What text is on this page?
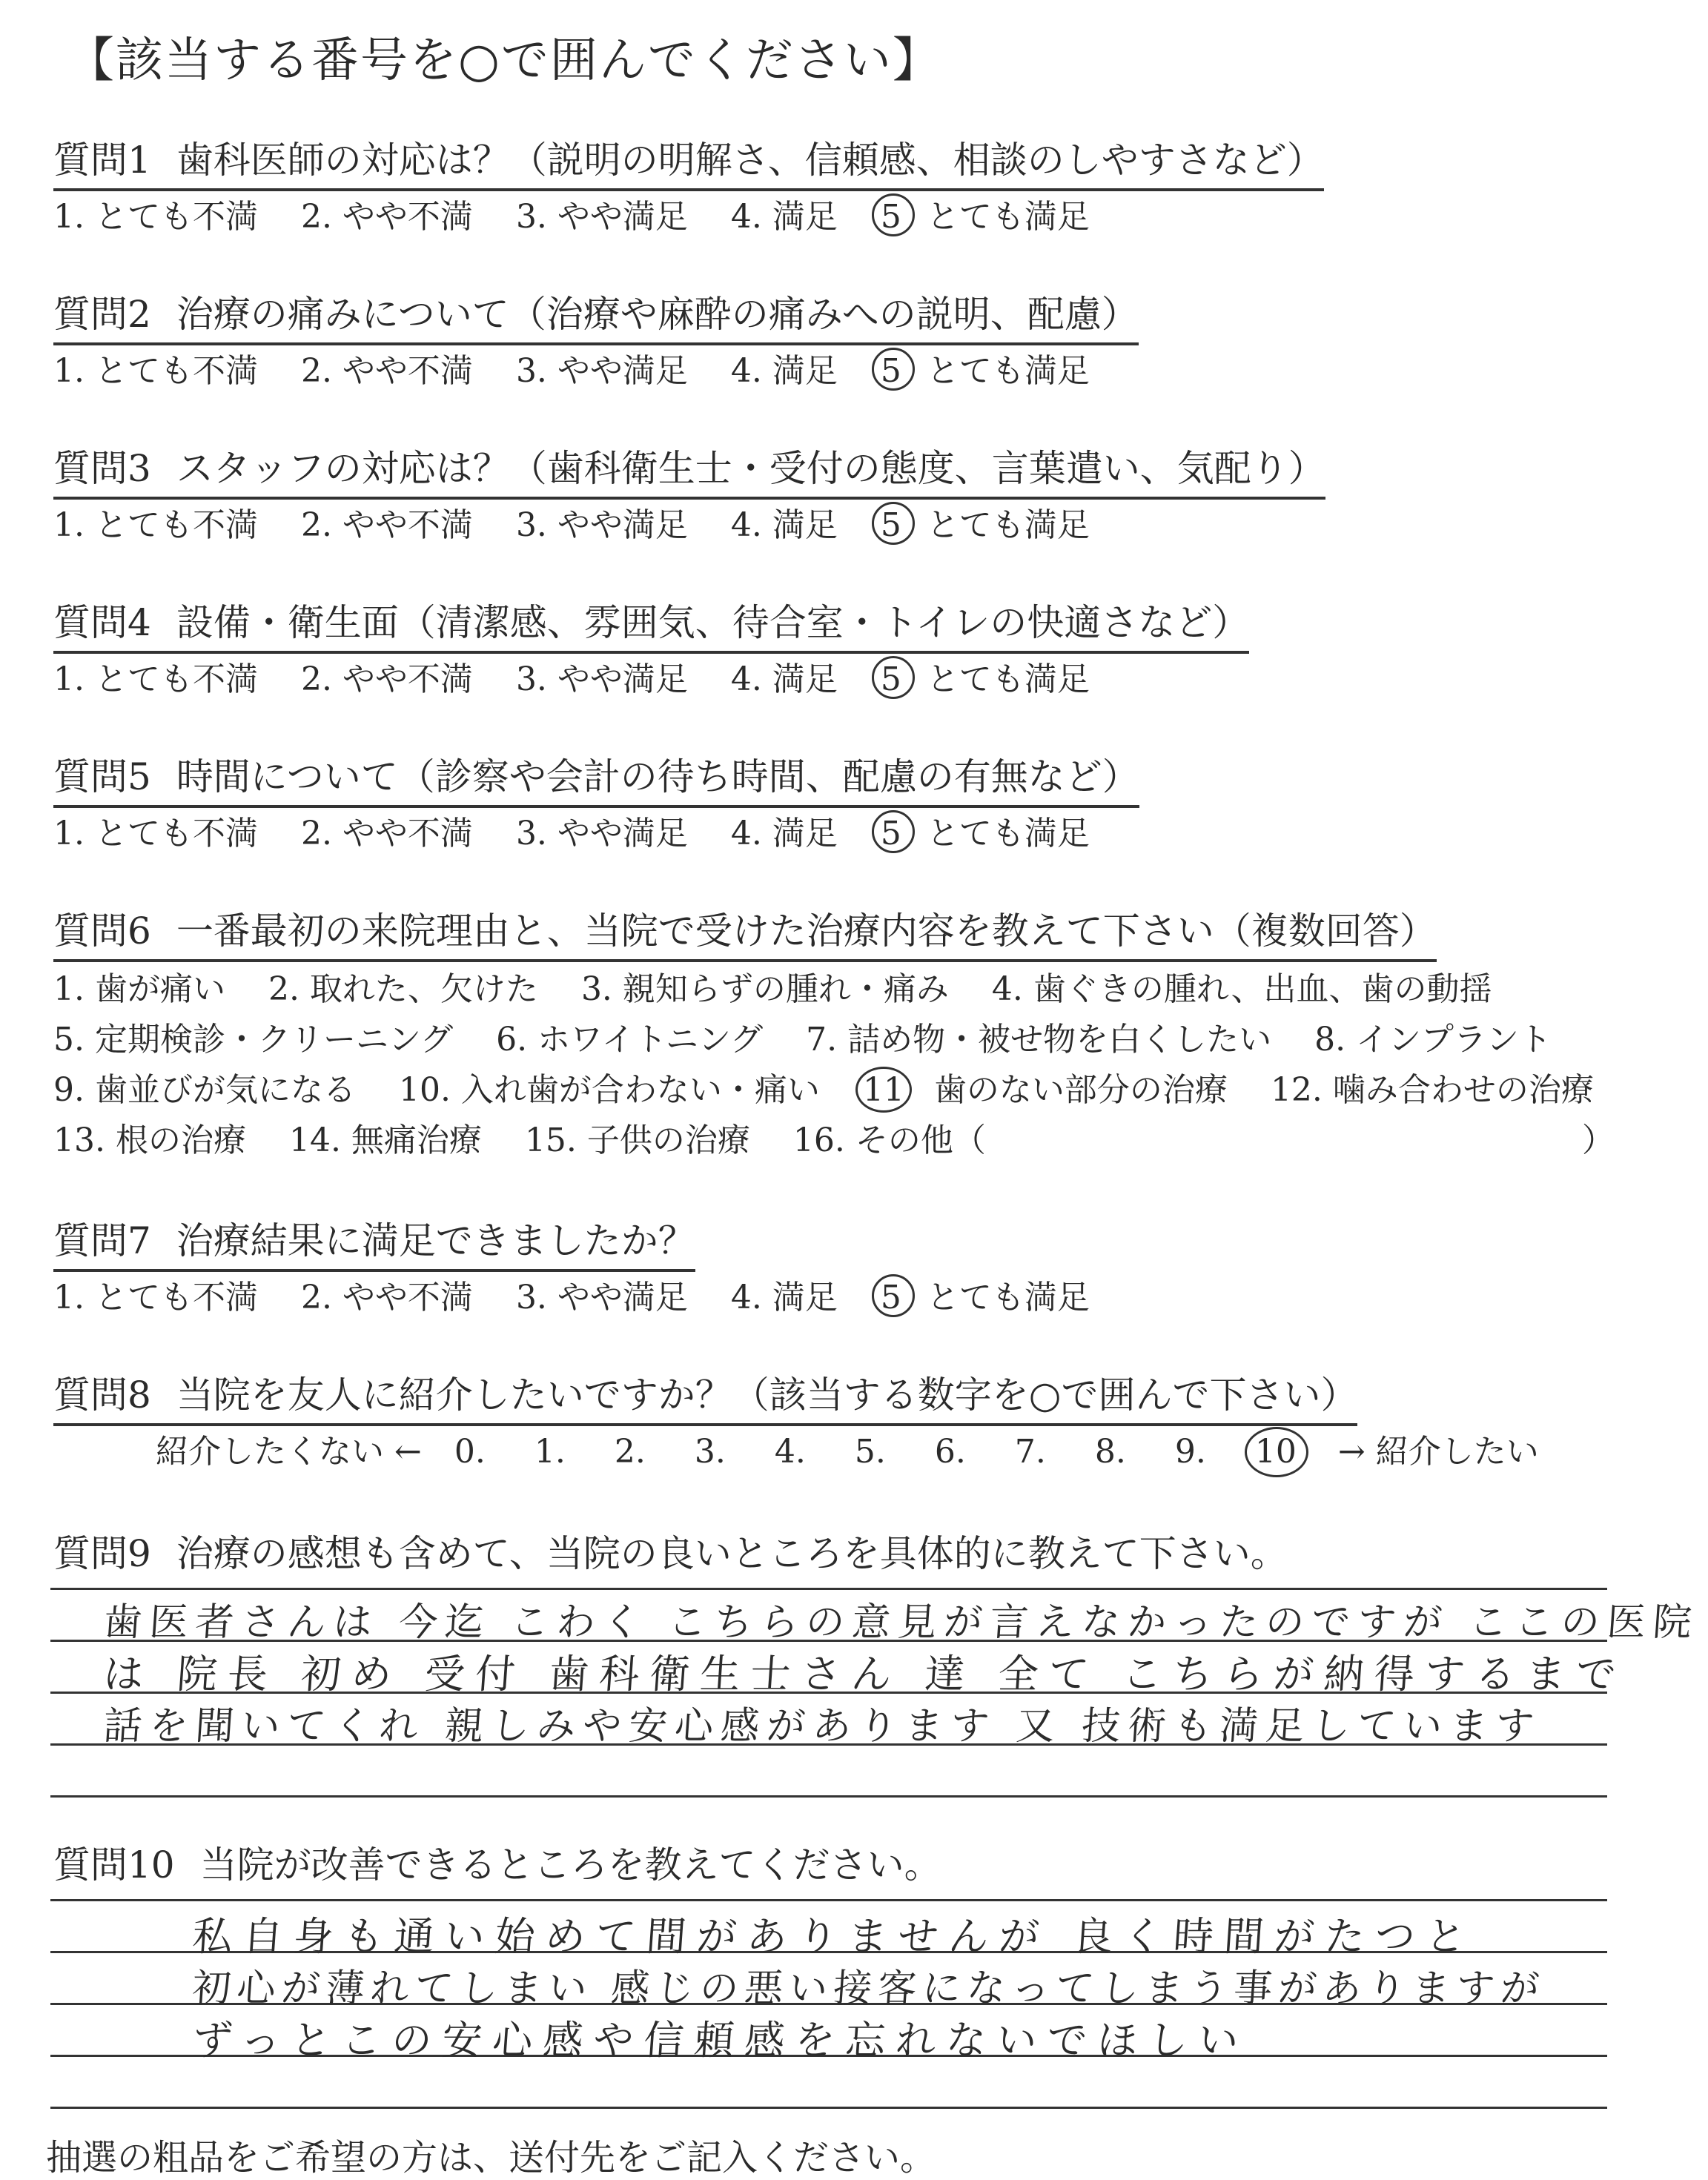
【該当する番号を○で囲んでください】
質問1 歯科医師の対応は？（説明の明解さ、信頼感、相談のしやすさなど）
1. とても不満 2. やや不満 3. やや満足 4. 満足 5 とても満足
質問2 治療の痛みについて（治療や麻酔の痛みへの説明、配慮）
1. とても不満 2. やや不満 3. やや満足 4. 満足 5 とても満足
質問3 スタッフの対応は？（歯科衛生士・受付の態度、言葉遣い、気配り）
1. とても不満 2. やや不満 3. やや満足 4. 満足 5 とても満足
質問4 設備・衛生面（清潔感、雰囲気、待合室・トイレの快適さなど）
1. とても不満 2. やや不満 3. やや満足 4. 満足 5 とても満足
質問5 時間について（診察や会計の待ち時間、配慮の有無など）
1. とても不満 2. やや不満 3. やや満足 4. 満足 5 とても満足
質問6 一番最初の来院理由と、当院で受けた治療内容を教えて下さい（複数回答）
1. 歯が痛い 2. 取れた、欠けた 3. 親知らずの腫れ・痛み 4. 歯ぐきの腫れ、出血、歯の動揺
5. 定期検診・クリーニング 6. ホワイトニング 7. 詰め物・被せ物を白くしたい 8. インプラント
9. 歯並びが気になる 10. 入れ歯が合わない・痛い 11 歯のない部分の治療 12. 噛み合わせの治療
13. 根の治療 14. 無痛治療 15. 子供の治療 16. その他（	）
質問7 治療結果に満足できましたか？
1. とても不満 2. やや不満 3. やや満足 4. 満足 5 とても満足
質問8 当院を友人に紹介したいですか？（該当する数字を○で囲んで下さい）
紹介したくない ← 0. 1. 2. 3. 4. 5. 6. 7. 8. 9. 10 → 紹介したい
質問9 治療の感想も含めて、当院の良いところを具体的に教えて下さい。
歯医者さんは 今迄 こわく こちらの意見が言えなかったのですが ここの医院
は 院長 初め 受付 歯科衛生士さん 達 全て こちらが納得するまで
話を聞いてくれ 親しみや安心感があります 又 技術も満足しています
質問10 当院が改善できるところを教えてください。
私自身も通い始めて間がありませんが 良く時間がたつと
初心が薄れてしまい 感じの悪い接客になってしまう事がありますが
ずっとこの安心感や信頼感を忘れないでほしい
抽選の粗品をご希望の方は、送付先をご記入ください。
